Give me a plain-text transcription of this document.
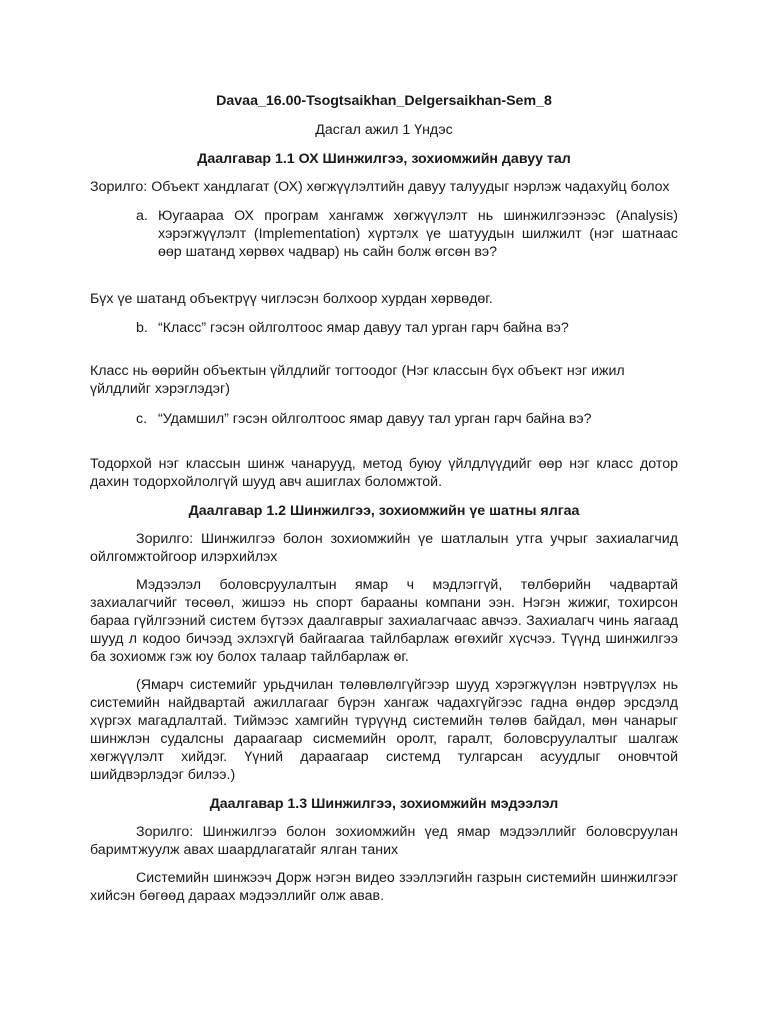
Davaa_16.00-Tsogtsaikhan_Delgersaikhan-Sem_8

Дасгал ажил 1 Үндэс

Даалгавар 1.1 ОХ Шинжилгээ, зохиомжийн давуу тал

Зорилго: Объект хандлагат (ОХ) хөгжүүлэлтийн давуу талуудыг нэрлэж чадахуйц болох

a. Юугаараа ОХ програм хангамж хөгжүүлэлт нь шинжилгээнээс (Analysis) хэрэгжүүлэлт (Implementation) хүртэлх үе шатуудын шилжилт (нэг шатнаас өөр шатанд хөрвөх чадвар) нь сайн болж өгсөн вэ?

Бүх үе шатанд объектрүү чиглэсэн болхоор хурдан хөрвөдөг.

b. “Класс” гэсэн ойлголтоос ямар давуу тал урган гарч байна вэ?

Класс нь өөрийн объектын үйлдлийг тогтоодог (Нэг классын бүх объект нэг ижил үйлдлийг хэрэглэдэг)

c. “Удамшил” гэсэн ойлголтоос ямар давуу тал урган гарч байна вэ?

Тодорхой нэг классын шинж чанарууд, метод буюу үйлдлүүдийг өөр нэг класс дотор дахин тодорхойлолгүй шууд авч ашиглах боломжтой.

Даалгавар 1.2 Шинжилгээ, зохиомжийн үе шатны ялгаа

Зорилго: Шинжилгээ болон зохиомжийн үе шатлалын утга учрыг захиалагчид ойлгомжтойгоор илэрхийлэх

Мэдээлэл боловсруулалтын ямар ч мэдлэггүй, төлбөрийн чадвартай захиалагчийг төсөөл, жишээ нь спорт барааны компани ээн. Нэгэн жижиг, тохирсон бараа гүйлгээний систем бүтээх даалгаврыг захиалагчаас авчээ. Захиалагч чинь яагаад шууд л кодоо бичээд эхлэхгүй байгаагаа тайлбарлаж өгөхийг хүсчээ. Түүнд шинжилгээ ба зохиомж гэж юу болох талаар тайлбарлаж өг.

(Ямарч системийг урьдчилан төлөвлөлгүйгээр шууд хэрэгжүүлэн нэвтрүүлэх нь системийн найдвартай ажиллагааг бүрэн хангаж чадахгүйгээс гадна өндөр эрсдэлд хүргэх магадлалтай. Тиймээс хамгийн түрүүнд системийн төлөв байдал, мөн чанарыг шинжлэн судалсны дараагаар сисмемийн оролт, гаралт, боловсруулалтыг шалгаж хөгжүүлэлт хийдэг. Үүний дараагаар системд тулгарсан асуудлыг оновчтой шийдвэрлэдэг билээ.)

Даалгавар 1.3 Шинжилгээ, зохиомжийн мэдээлэл

Зорилго: Шинжилгээ болон зохиомжийн үед ямар мэдээллийг боловсруулан баримтжуулж авах шаардлагатайг ялган таних

Системийн шинжээч Дорж нэгэн видео зээллэгийн газрын системийн шинжилгээг хийсэн бөгөөд дараах мэдээллийг олж авав.
